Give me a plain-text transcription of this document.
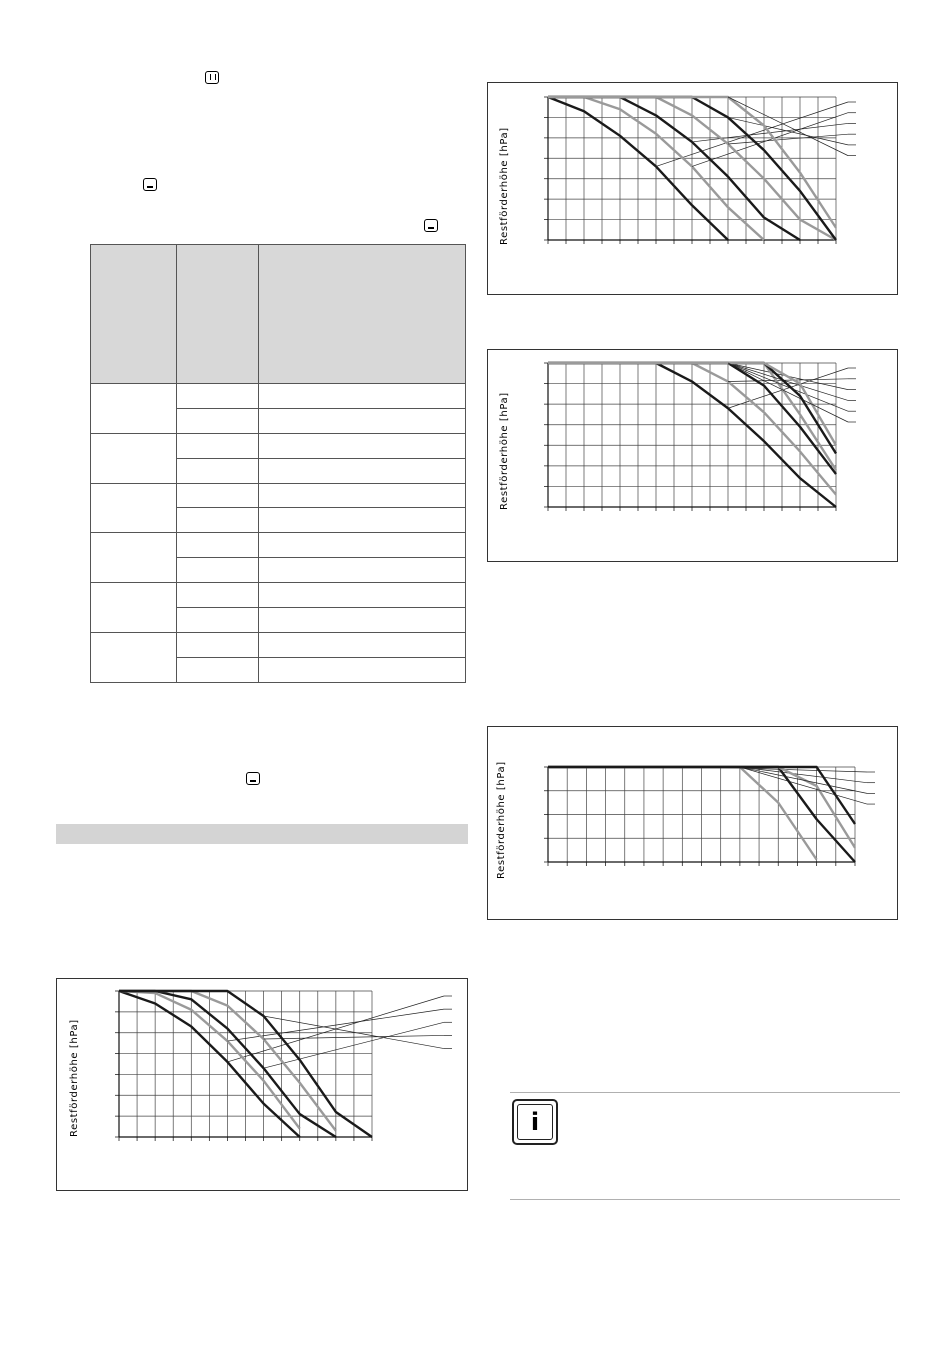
Restförderhöhe [hPa]
Restförderhöhe [hPa]
Restförderhöhe [hPa]
Restförderhöhe [hPa]	i
